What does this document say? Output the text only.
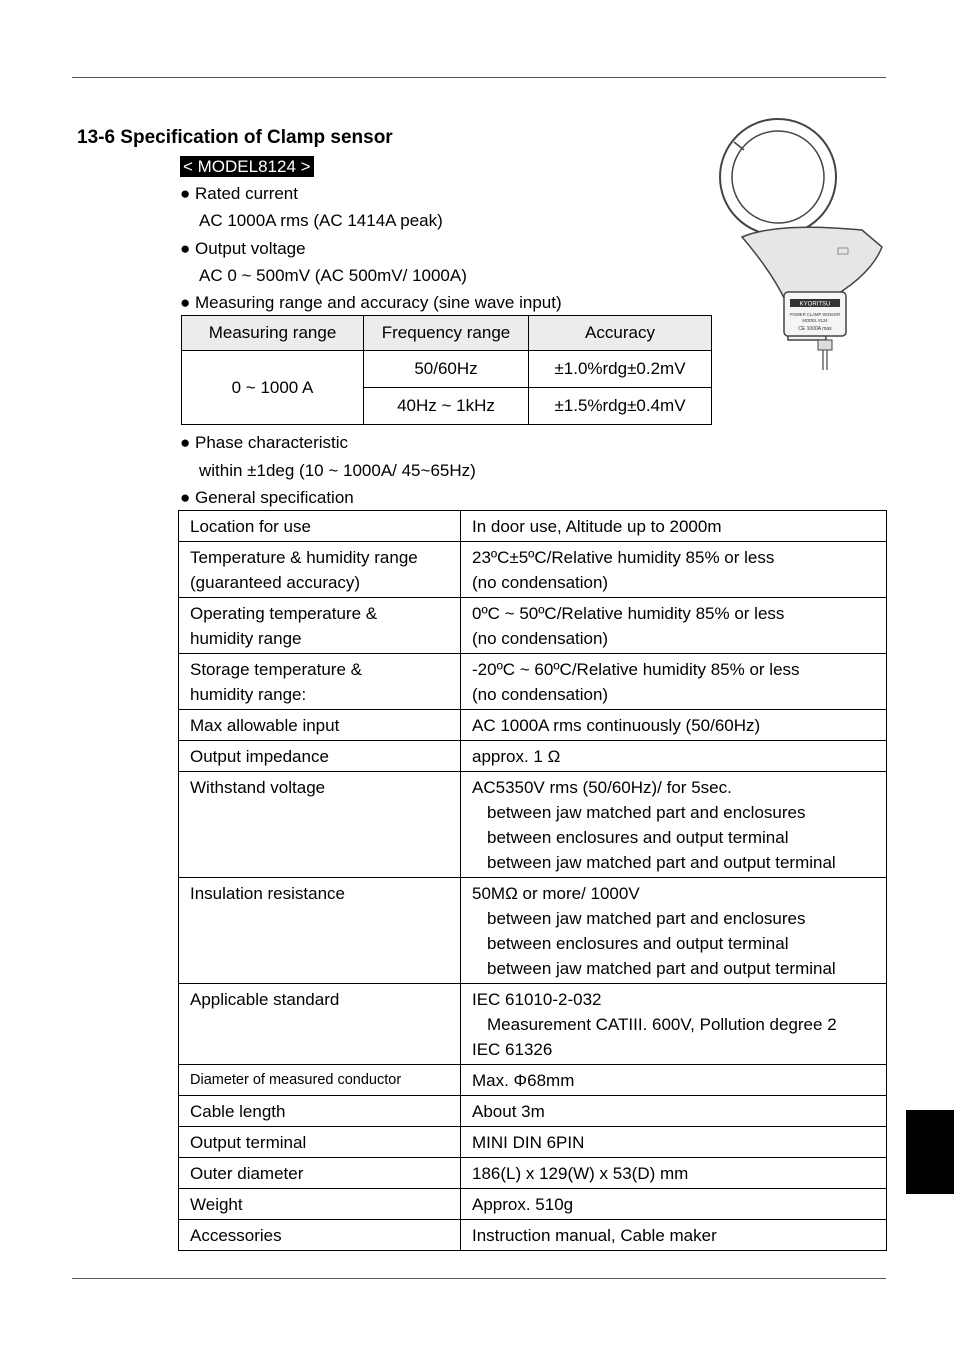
13-6 Specification of Clamp sensor
< MODEL8124 >
● Rated current
AC 1000A rms (AC 1414A peak)
● Output voltage
AC 0 ~ 500mV (AC 500mV/ 1000A)
● Measuring range and accuracy (sine wave input)
Measuring range	Frequency range	Accuracy
0 ~ 1000 A	50/60Hz	±1.0%rdg±0.2mV
	40Hz ~ 1kHz	±1.5%rdg±0.4mV
● Phase characteristic
within ±1deg (10 ~ 1000A/ 45~65Hz)
● General specification
Location for use	In door use, Altitude up to 2000m

Temperature & humidity range
(guaranteed accuracy)	23ºC±5ºC/Relative humidity 85% or less
(no condensation)

Operating temperature &
humidity range	0ºC ~ 50ºC/Relative humidity 85% or less
(no condensation)

Storage temperature &
humidity range:	-20ºC ~ 60ºC/Relative humidity 85% or less
(no condensation)

Max allowable input	AC 1000A rms continuously (50/60Hz)

Output impedance	approx. 1 Ω

Withstand voltage	AC5350V rms (50/60Hz)/ for 5sec.
between jaw matched part and enclosures
between enclosures and output terminal
between jaw matched part and output terminal

Insulation resistance	50MΩ or more/ 1000V
between jaw matched part and enclosures
between enclosures and output terminal
between jaw matched part and output terminal

Applicable standard	IEC 61010-2-032
Measurement CATIII. 600V, Pollution degree 2
IEC 61326

Diameter of measured conductor	Max. Φ68mm

Cable length	About 3m

Output terminal	MINI DIN 6PIN

Outer diameter	186(L) x 129(W) x 53(D) mm

Weight	Approx. 510g

Accessories	Instruction manual, Cable maker
KYORITSU
POWER CLAMP SENSOR
MODEL 8124
CE 1000A max
